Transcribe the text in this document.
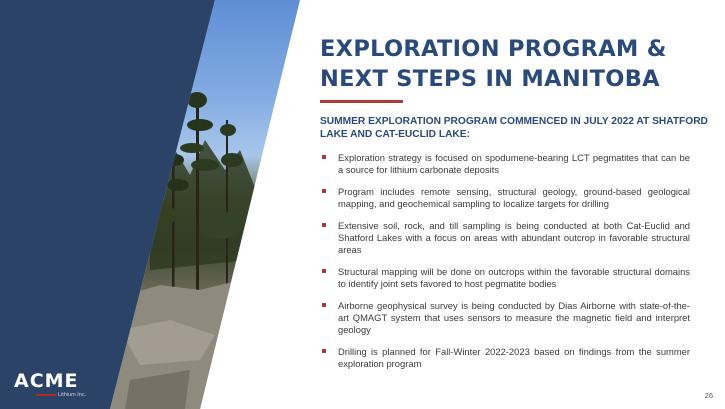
ACME
Lithium Inc.
EXPLORATION PROGRAM & NEXT STEPS IN MANITOBA
SUMMER EXPLORATION PROGRAM COMMENCED IN JULY 2022 AT SHATFORD LAKE AND CAT-EUCLID LAKE:
Exploration strategy is focused on spodumene-bearing LCT pegmatites that can be a source for lithium carbonate deposits
Program includes remote sensing, structural geology, ground-based geological mapping, and geochemical sampling to localize targets for drilling
Extensive soil, rock, and till sampling is being conducted at both Cat-Euclid and Shatford Lakes with a focus on areas with abundant outcrop in favorable structural areas
Structural mapping will be done on outcrops within the favorable structural domains to identify joint sets favored to host pegmatite bodies
Airborne geophysical survey is being conducted by Dias Airborne with state-of-the-art QMAGT system that uses sensors to measure the magnetic field and interpret geology
Drilling is planned for Fall-Winter 2022-2023 based on findings from the summer exploration program
26
